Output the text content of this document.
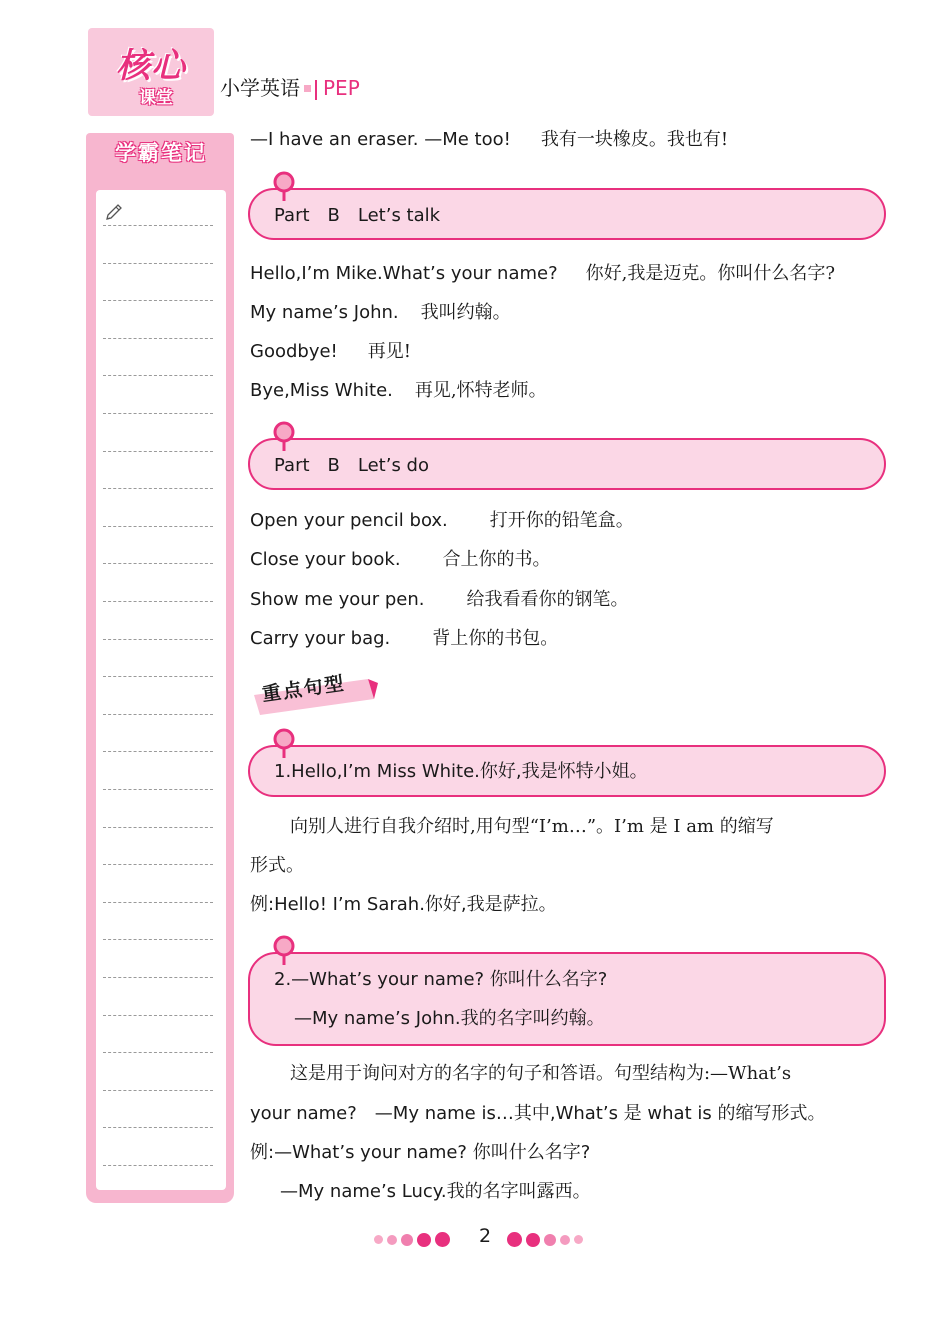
核心
课堂	小学英语 PEP
学霸笔记
—I have an eraser. —Me too! 我有一块橡皮。我也有!
Part　B　Let’s talk
Hello,I’m Mike.What’s your name? 你好,我是迈克。你叫什么名字?
My name’s John. 我叫约翰。
Goodbye! 再见!
Bye,Miss White. 再见,怀特老师。
Part　B　Let’s do
Open your pencil box. 打开你的铅笔盒。
Close your book. 合上你的书。
Show me your pen. 给我看看你的钢笔。
Carry your bag. 背上你的书包。
重点句型
1.Hello,I’m Miss White.你好,我是怀特小姐。
向别人进行自我介绍时,用句型“I’m…”。I’m 是 I am 的缩写
形式。
例:Hello! I’m Sarah.你好,我是萨拉。
2.—What’s your name? 你叫什么名字?
—My name’s John.我的名字叫约翰。
这是用于询问对方的名字的句子和答语。句型结构为:—What’s
your name?　—My name is…其中,What’s 是 what is 的缩写形式。
例:—What’s your name? 你叫什么名字?
—My name’s Lucy.我的名字叫露西。
2
